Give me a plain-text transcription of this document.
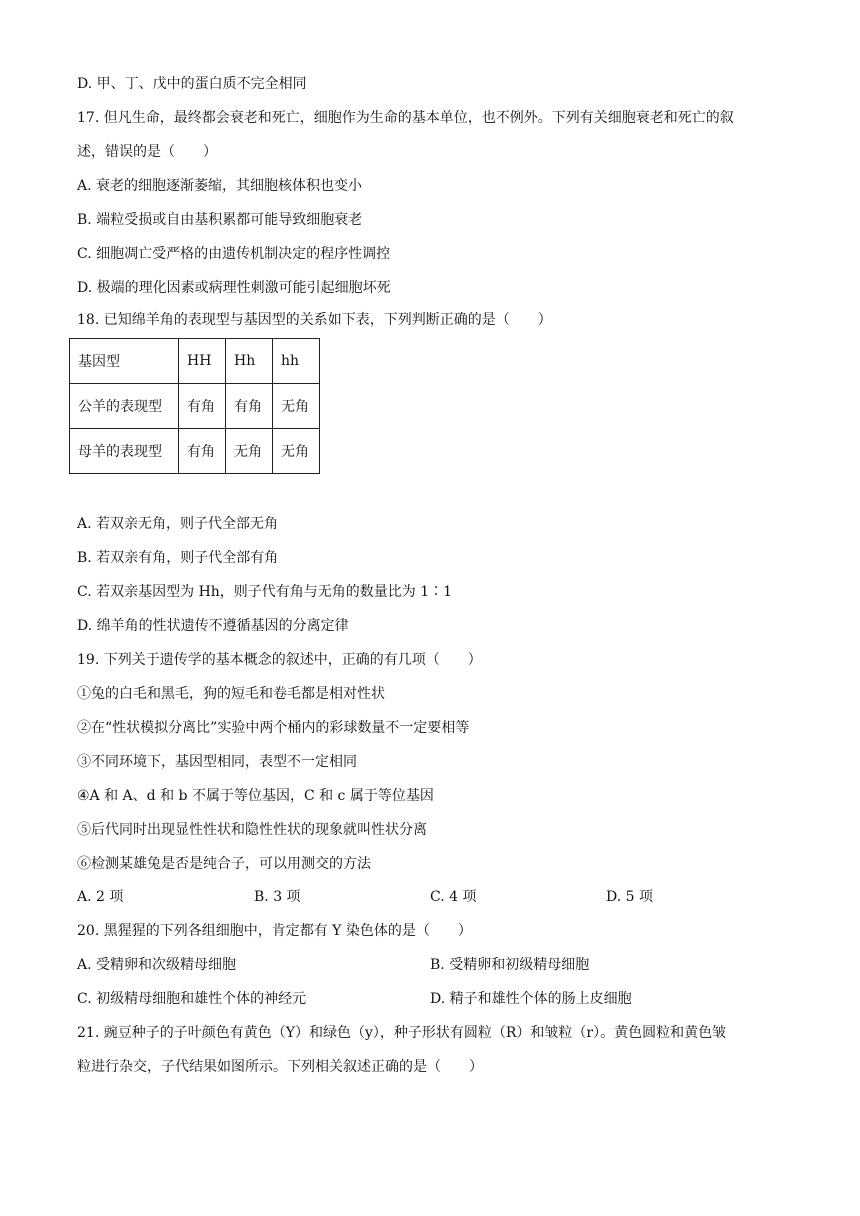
D. 甲、丁、戊中的蛋白质不完全相同
17. 但凡生命，最终都会衰老和死亡，细胞作为生命的基本单位，也不例外。下列有关细胞衰老和死亡的叙
述，错误的是（　　）
A. 衰老的细胞逐渐萎缩，其细胞核体积也变小
B. 端粒受损或自由基积累都可能导致细胞衰老
C. 细胞凋亡受严格的由遗传机制决定的程序性调控
D. 极端的理化因素或病理性刺激可能引起细胞坏死
18. 已知绵羊角的表现型与基因型的关系如下表，下列判断正确的是（　　）
基因型	HH	Hh	hh
公羊的表现型	有角	有角	无角
母羊的表现型	有角	无角	无角
A. 若双亲无角，则子代全部无角
B. 若双亲有角，则子代全部有角
C. 若双亲基因型为 Hh，则子代有角与无角的数量比为 1∶1
D. 绵羊角的性状遗传不遵循基因的分离定律
19. 下列关于遗传学的基本概念的叙述中，正确的有几项（　　）
①兔的白毛和黑毛，狗的短毛和卷毛都是相对性状
②在“性状模拟分离比”实验中两个桶内的彩球数量不一定要相等
③不同环境下，基因型相同，表型不一定相同
④A 和 A、d 和 b 不属于等位基因，C 和 c 属于等位基因
⑤后代同时出现显性性状和隐性性状的现象就叫性状分离
⑥检测某雄兔是否是纯合子，可以用测交的方法
A. 2 项	B. 3 项	C. 4 项	D. 5 项
20. 黑猩猩的下列各组细胞中，肯定都有 Y 染色体的是（　　）
A. 受精卵和次级精母细胞	B. 受精卵和初级精母细胞
C. 初级精母细胞和雄性个体的神经元	D. 精子和雄性个体的肠上皮细胞
21. 豌豆种子的子叶颜色有黄色（Y）和绿色（y），种子形状有圆粒（R）和皱粒（r）。黄色圆粒和黄色皱
粒进行杂交，子代结果如图所示。下列相关叙述正确的是（　　）
